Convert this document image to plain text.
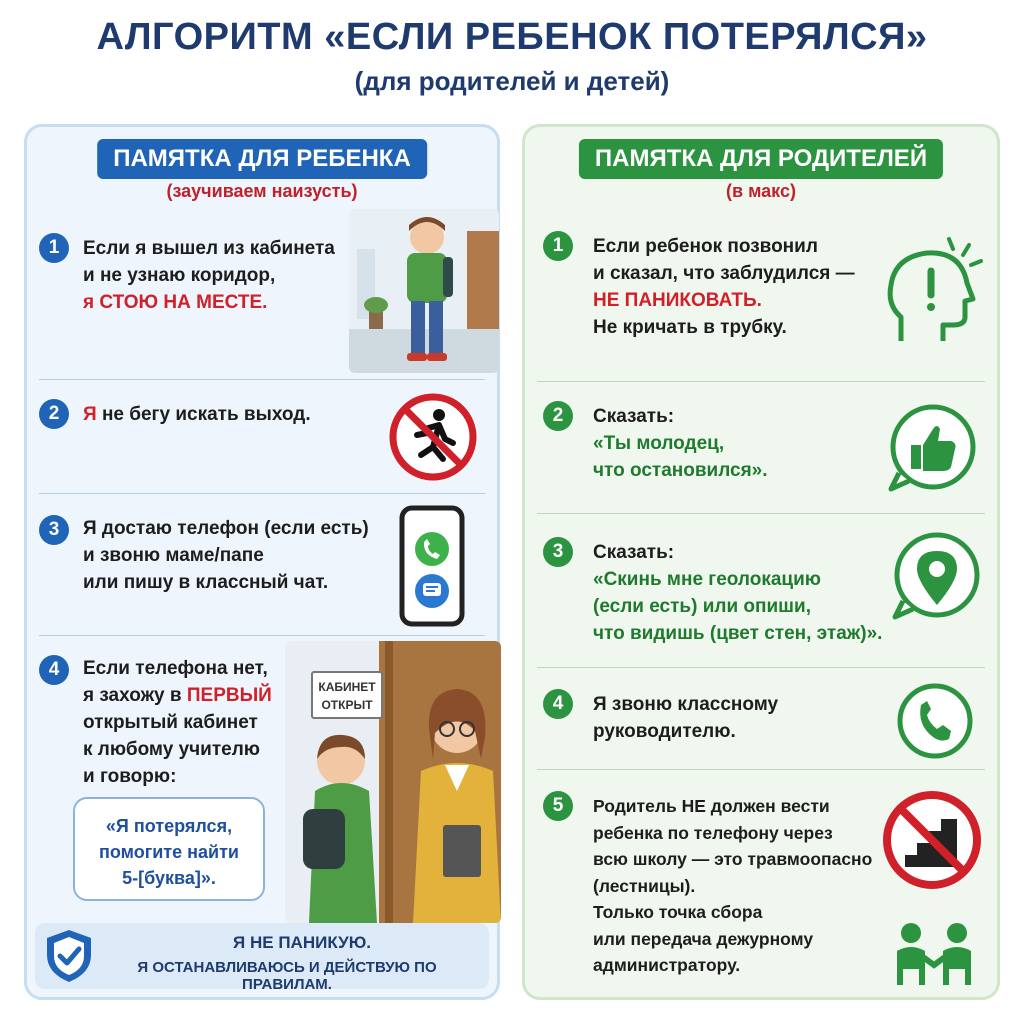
АЛГОРИТМ «ЕСЛИ РЕБЕНОК ПОТЕРЯЛСЯ»
(для родителей и детей)
ПАМЯТКА ДЛЯ РЕБЕНКА
(заучиваем наизусть)
1	Если я вышел из кабинета
и не узнаю коридор,
я СТОЮ НА МЕСТЕ.
2	Я не бегу искать выход.
3	Я достаю телефон (если есть)
и звоню маме/папе
или пишу в классный чат.
4	Если телефона нет,
я захожу в ПЕРВЫЙ
открытый кабинет
к любому учителю
и говорю:
КАБИНЕТ
ОТКРЫТ
«Я потерялся,
помогите найти
5-[буква]».
Я НЕ ПАНИКУЮ.
Я ОСТАНАВЛИВАЮСЬ И ДЕЙСТВУЮ ПО ПРАВИЛАМ.
ПАМЯТКА ДЛЯ РОДИТЕЛЕЙ
(в макс)
1	Если ребенок позвонил
и сказал, что заблудился —
НЕ ПАНИКОВАТЬ.
Не кричать в трубку.
2	Сказать:
«Ты молодец,
что остановился».
3	Сказать:
«Скинь мне геолокацию
(если есть) или опиши,
что видишь (цвет стен, этаж)».
4	Я звоню классному
руководителю.
5	Родитель НЕ должен вести
ребенка по телефону через
всю школу — это травмоопасно
(лестницы).
Только точка сбора
или передача дежурному
администратору.
